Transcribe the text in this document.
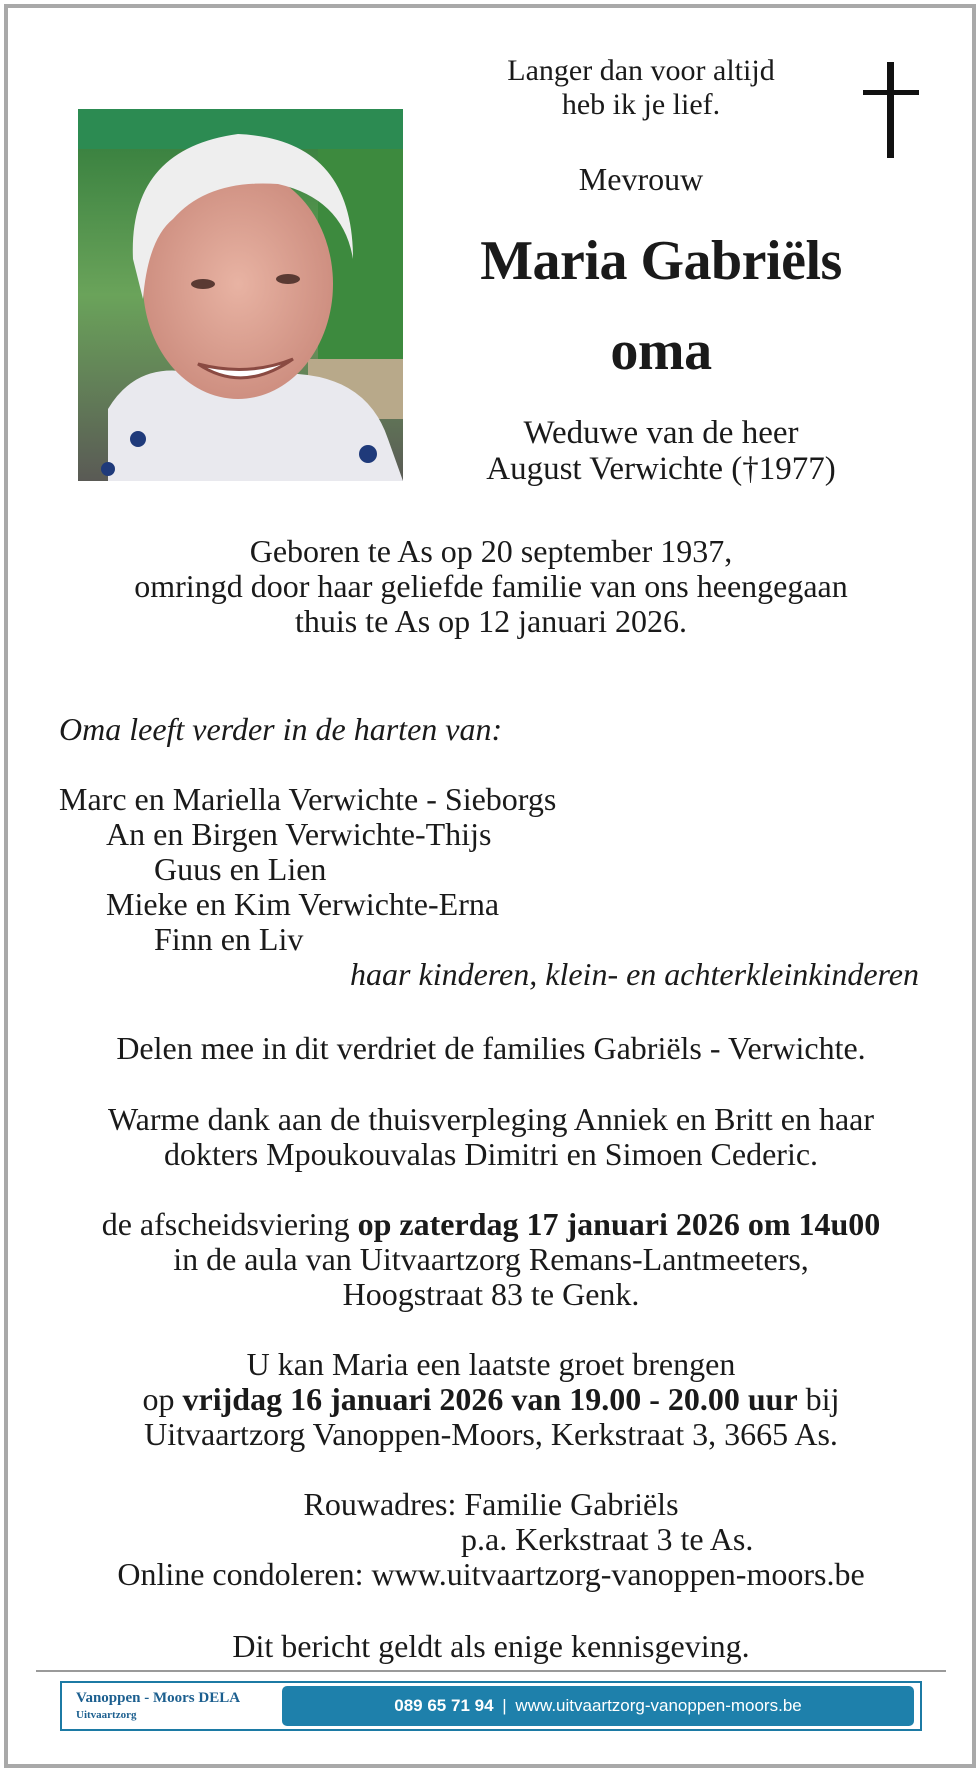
Langer dan voor altijd
heb ik je lief.
Mevrouw
Maria Gabriëls
oma
Weduwe van de heer
August Verwichte (†1977)
Geboren te As op 20 september 1937,
omringd door haar geliefde familie van ons heengegaan
thuis te As op 12 januari 2026.
Oma leeft verder in de harten van:
Marc en Mariella Verwichte - Sieborgs
An en Birgen Verwichte-Thijs
Guus en Lien
Mieke en Kim Verwichte-Erna
Finn en Liv
haar kinderen, klein- en achterkleinkinderen
Delen mee in dit verdriet de families Gabriëls - Verwichte.
Warme dank aan de thuisverpleging Anniek en Britt en haar
dokters Mpoukouvalas Dimitri en Simoen Cederic.
de afscheidsviering op zaterdag 17 januari 2026 om 14u00
in de aula van Uitvaartzorg Remans-Lantmeeters,
Hoogstraat 83 te Genk.
U kan Maria een laatste groet brengen
op vrijdag 16 januari 2026 van 19.00 - 20.00 uur bij
Uitvaartzorg Vanoppen-Moors, Kerkstraat 3, 3665 As.
Rouwadres: Familie Gabriëls
p.a. Kerkstraat 3 te As.
Online condoleren: www.uitvaartzorg-vanoppen-moors.be
Dit bericht geldt als enige kennisgeving.
Vanoppen - Moors DELA
Uitvaartzorg	089 65 71 94 | www.uitvaartzorg-vanoppen-moors.be
